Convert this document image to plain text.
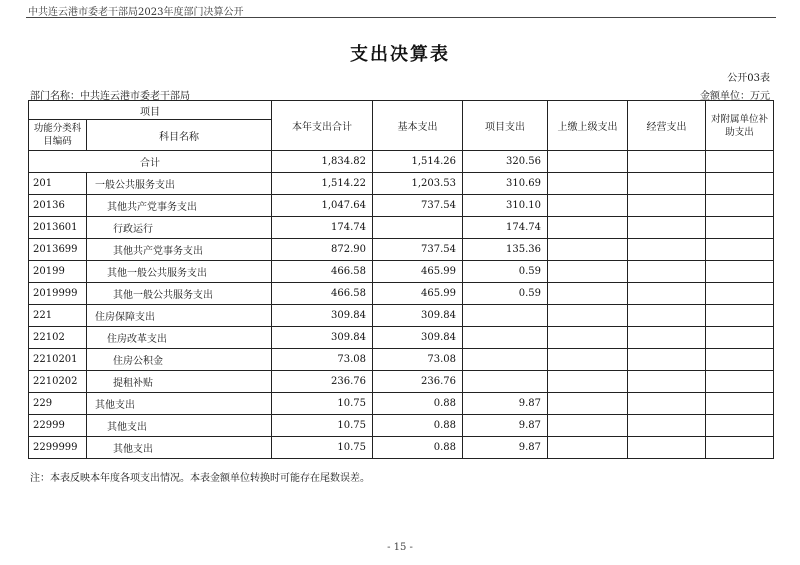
中共连云港市委老干部局2023年度部门决算公开
支出决算表
公开03表
部门名称：中共连云港市委老干部局	金额单位：万元
项目		本年支出合计	基本支出	项目支出	上缴上级支出	经营支出	对附属单位补助支出
功能分类科目编码	科目名称						
合计		1,834.82	1,514.26	320.56			
201	一般公共服务支出	1,514.22	1,203.53	310.69			
20136	其他共产党事务支出	1,047.64	737.54	310.10			
2013601	行政运行	174.74		174.74			
2013699	其他共产党事务支出	872.90	737.54	135.36			
20199	其他一般公共服务支出	466.58	465.99	0.59			
2019999	其他一般公共服务支出	466.58	465.99	0.59			
221	住房保障支出	309.84	309.84				
22102	住房改革支出	309.84	309.84				
2210201	住房公积金	73.08	73.08				
2210202	提租补贴	236.76	236.76				
229	其他支出	10.75	0.88	9.87			
22999	其他支出	10.75	0.88	9.87			
2299999	其他支出	10.75	0.88	9.87			
注：本表反映本年度各项支出情况。本表金额单位转换时可能存在尾数误差。
- 15 -
